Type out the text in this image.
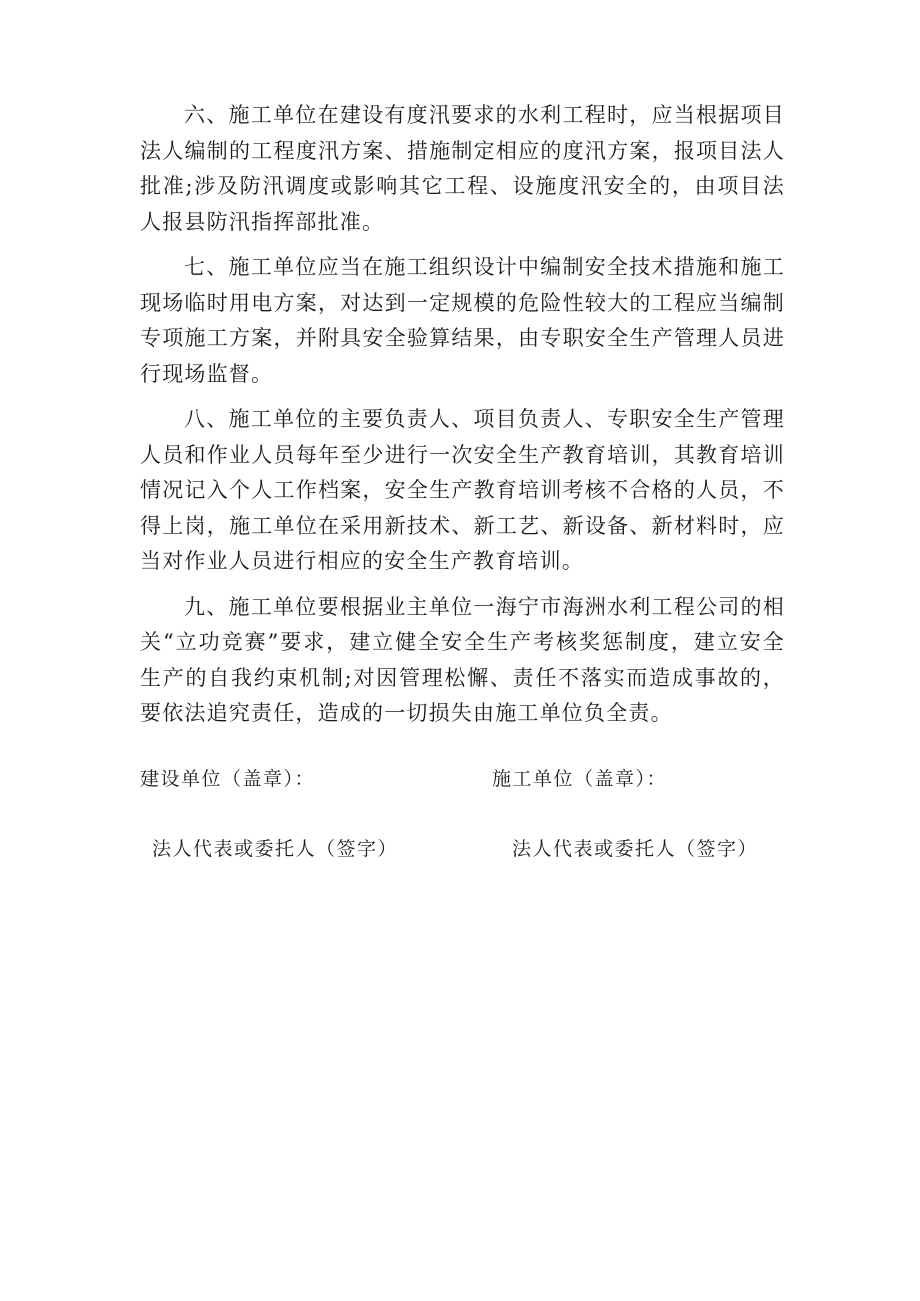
六、施工单位在建设有度汛要求的水利工程时，应当根据项目法人编制的工程度汛方案、措施制定相应的度汛方案，报项目法人批准;涉及防汛调度或影响其它工程、设施度汛安全的，由项目法人报县防汛指挥部批准。

七、施工单位应当在施工组织设计中编制安全技术措施和施工现场临时用电方案，对达到一定规模的危险性较大的工程应当编制专项施工方案，并附具安全验算结果，由专职安全生产管理人员进行现场监督。

八、施工单位的主要负责人、项目负责人、专职安全生产管理人员和作业人员每年至少进行一次安全生产教育培训，其教育培训情况记入个人工作档案，安全生产教育培训考核不合格的人员，不得上岗，施工单位在采用新技术、新工艺、新设备、新材料时，应当对作业人员进行相应的安全生产教育培训。

九、施工单位要根据业主单位一海宁市海洲水利工程公司的相关“立功竞赛”要求，建立健全安全生产考核奖惩制度，建立安全生产的自我约束机制;对因管理松懈、责任不落实而造成事故的，要依法追究责任，造成的一切损失由施工单位负全责。

建设单位（盖章）：	施工单位（盖章）：
法人代表或委托人（签字）	法人代表或委托人（签字）
